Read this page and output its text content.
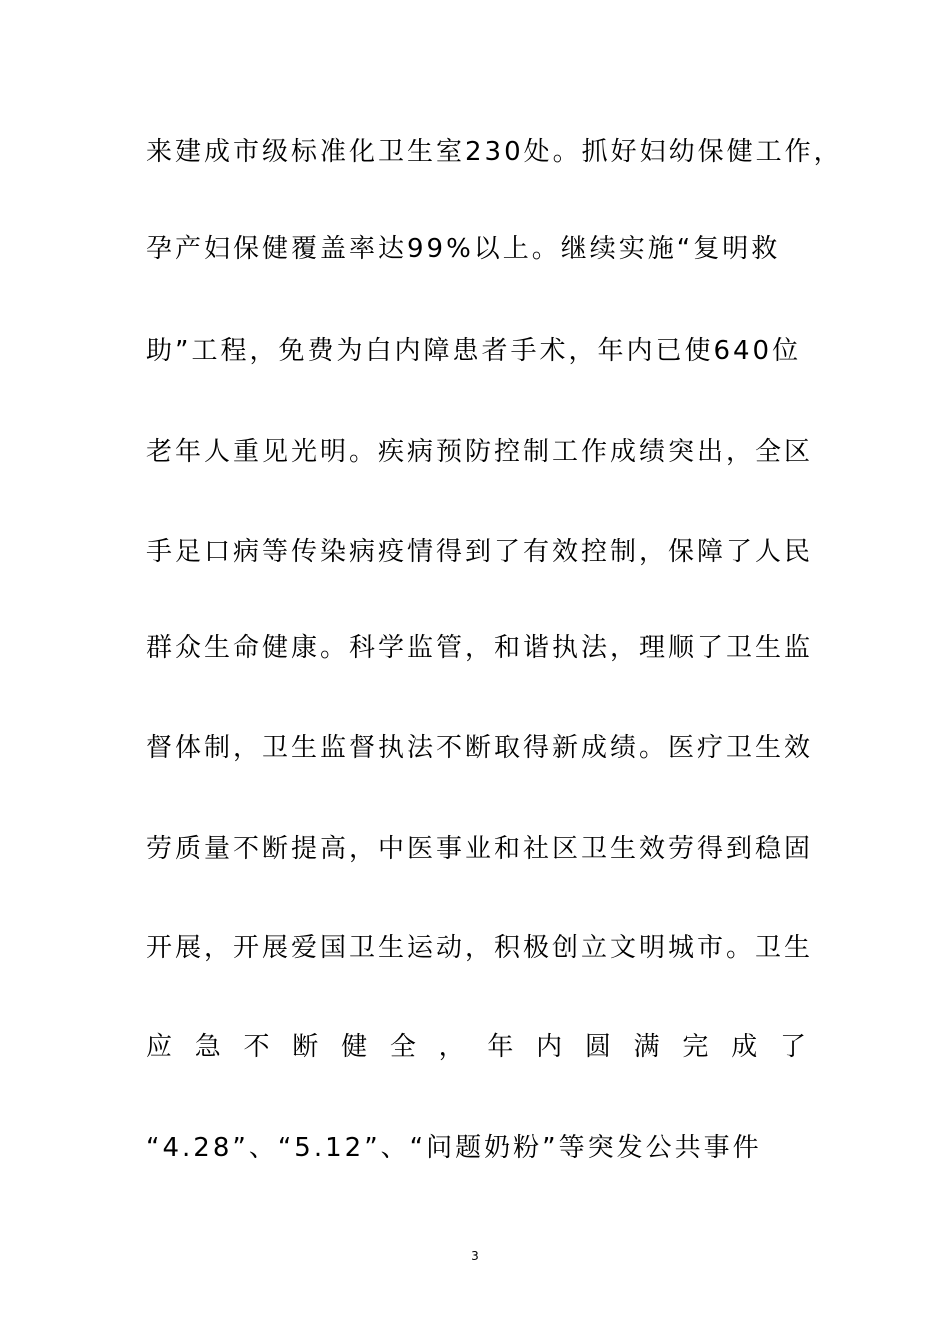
来建成市级标准化卫生室230处。抓好妇幼保健工作，
孕产妇保健覆盖率达99%以上。继续实施“复明救
助”工程，免费为白内障患者手术，年内已使640位
老年人重见光明。疾病预防控制工作成绩突出，全区
手足口病等传染病疫情得到了有效控制，保障了人民
群众生命健康。科学监管，和谐执法，理顺了卫生监
督体制，卫生监督执法不断取得新成绩。医疗卫生效
劳质量不断提高，中医事业和社区卫生效劳得到稳固
开展，开展爱国卫生运动，积极创立文明城市。卫生
应 急 不 断 健 全 ， 年 内 圆 满 完 成 了
“4.28”、“5.12”、“问题奶粉”等突发公共事件
3
